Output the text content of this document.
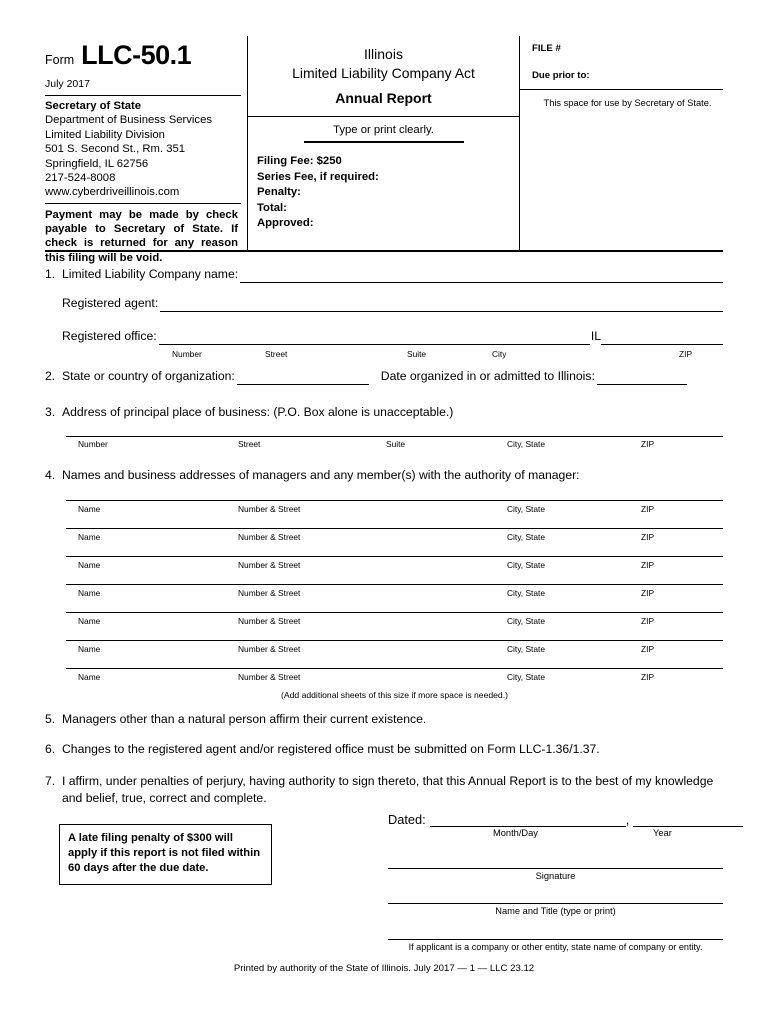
Form LLC-50.1
July 2017
Secretary of State
Department of Business Services
Limited Liability Division
501 S. Second St., Rm. 351
Springfield, IL 62756
217-524-8008
www.cyberdriveillinois.com
Payment may be made by check payable to Secretary of State. If check is returned for any reason this filing will be void.
Illinois
Limited Liability Company Act
Annual Report
Type or print clearly.
Filing Fee: $250
Series Fee, if required:
Penalty:
Total:
Approved:
FILE #
Due prior to:
This space for use by Secretary of State.
1. Limited Liability Company name:
Registered agent:
Registered office:	IL
Number	Street	Suite	City	ZIP
2. State or country of organization:	Date organized in or admitted to Illinois:
3. Address of principal place of business: (P.O. Box alone is unacceptable.)
Number	Street	Suite	City, State	ZIP
4. Names and business addresses of managers and any member(s) with the authority of manager:
Name	Number & Street	City, State	ZIP
Name	Number & Street	City, State	ZIP
Name	Number & Street	City, State	ZIP
Name	Number & Street	City, State	ZIP
Name	Number & Street	City, State	ZIP
Name	Number & Street	City, State	ZIP
Name	Number & Street	City, State	ZIP
(Add additional sheets of this size if more space is needed.)
5. Managers other than a natural person affirm their current existence.
6. Changes to the registered agent and/or registered office must be submitted on Form LLC-1.36/1.37.
7. I affirm, under penalties of perjury, having authority to sign thereto, that this Annual Report is to the best of my knowledge and belief, true, correct and complete.
A late filing penalty of $300 will apply if this report is not filed within 60 days after the due date.
Dated:	,
Month/Day	Year
Signature
Name and Title (type or print)
If applicant is a company or other entity, state name of company or entity.
Printed by authority of the State of Illinois. July 2017 — 1 — LLC 23.12
